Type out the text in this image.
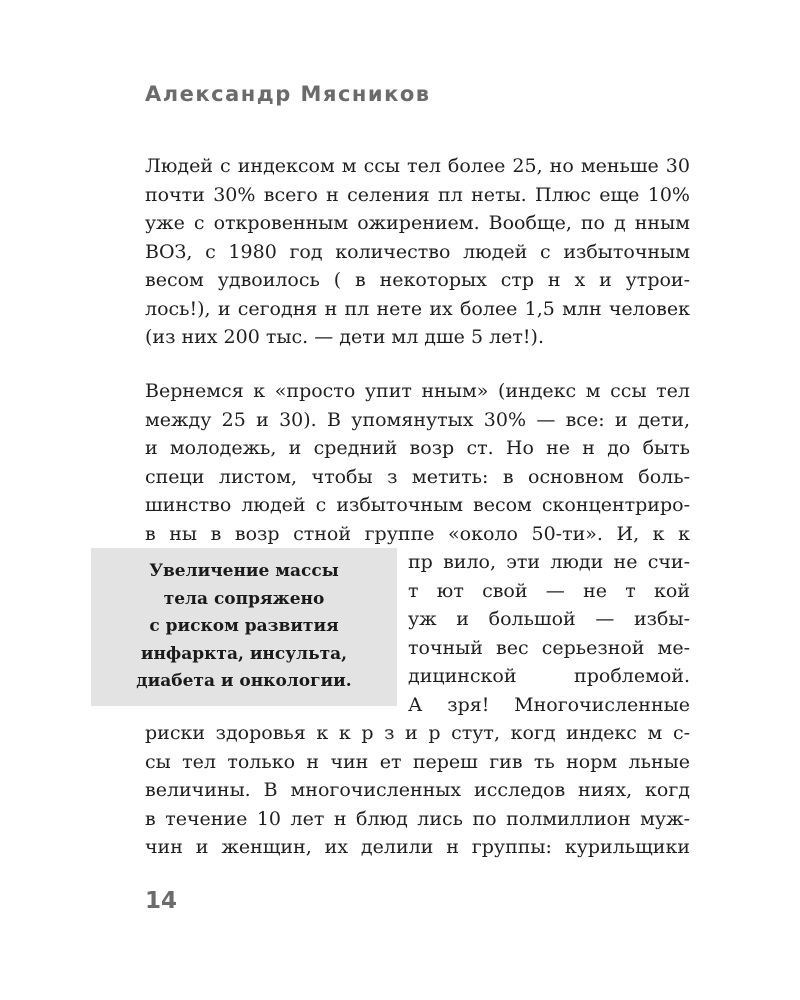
Александр Мясников
Людей с индексом м ссы тел более 25, но меньше 30
почти 30% всего н селения пл неты. Плюс еще 10%
уже с откровенным ожирением. Вообще, по д нным
ВОЗ, с 1980 год количество людей с избыточным
весом удвоилось ( в некоторых стр н х и утрои-
лось!), и сегодня н пл нете их более 1,5 млн человек
(из них 200 тыс. — дети мл дше 5 лет!).
Вернемся к «просто упит нным» (индекс м ссы тел
между 25 и 30). В упомянутых 30% — все: и дети,
и молодежь, и средний возр ст. Но не н до быть
специ листом, чтобы з метить: в основном боль-
шинство людей с избыточным весом сконцентриро-
в ны в возр стной группе «около 50-ти». И, к к
Увеличение массы
тела сопряжено
с риском развития
инфаркта, инсульта,
диабета и онкологии.
пр вило, эти люди не счи-
т ют свой — не т кой
уж и большой — избы-
точный вес серьезной ме-
дицинской проблемой.
А зря! Многочисленные
риски здоровья к к р з и р стут, когд индекс м с-
сы тел только н чин ет переш гив ть норм льные
величины. В многочисленных исследов ниях, когд
в течение 10 лет н блюд лись по полмиллион муж-
чин и женщин, их делили н группы: курильщики
14
